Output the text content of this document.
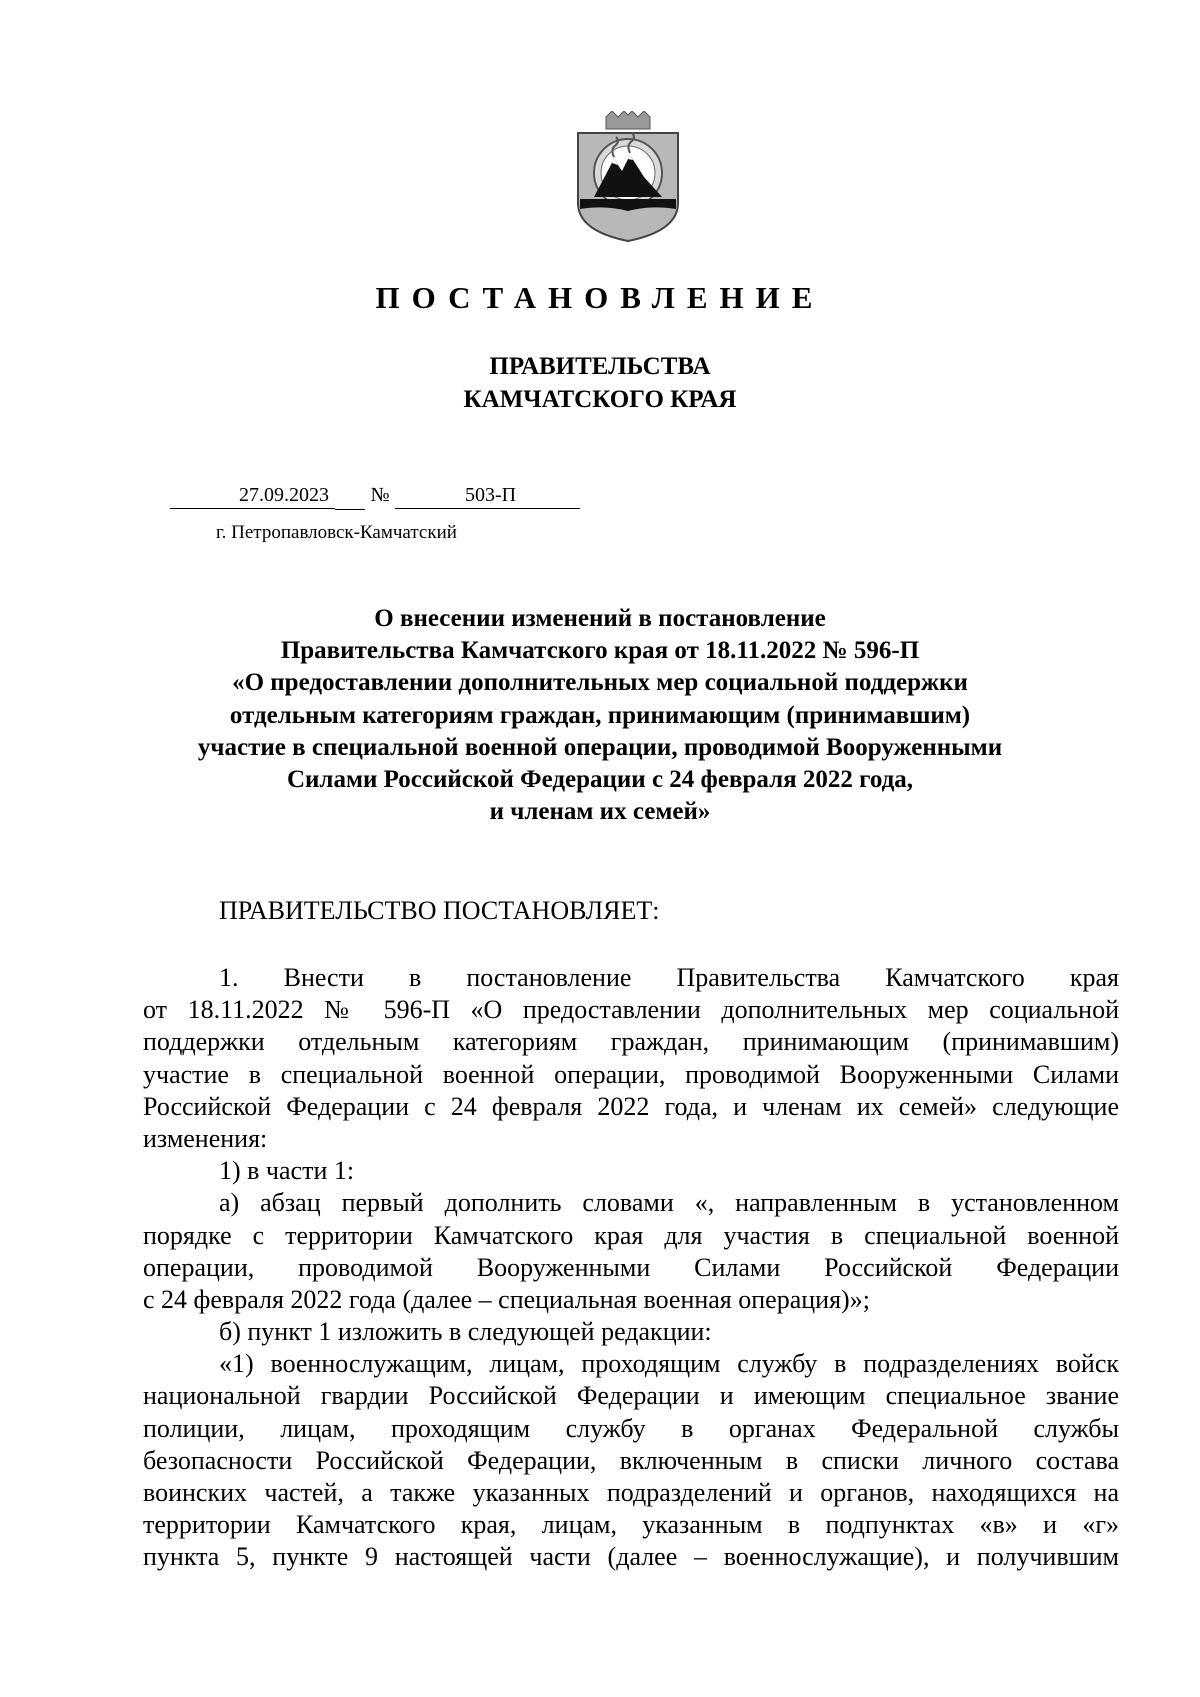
ПОСТАНОВЛЕНИЕ
ПРАВИТЕЛЬСТВА
КАМЧАТСКОГО КРАЯ
27.09.2023	№	503-П
г. Петропавловск-Камчатский
О внесении изменений в постановление
Правительства Камчатского края от 18.11.2022 № 596-П
«О предоставлении дополнительных мер социальной поддержки
отдельным категориям граждан, принимающим (принимавшим)
участие в специальной военной операции, проводимой Вооруженными
Силами Российской Федерации с 24 февраля 2022 года,
и членам их семей»
ПРАВИТЕЛЬСТВО ПОСТАНОВЛЯЕТ:
1. Внести в постановление Правительства Камчатского края
от 18.11.2022 № 596-П «О предоставлении дополнительных мер социальной
поддержки отдельным категориям граждан, принимающим (принимавшим)
участие в специальной военной операции, проводимой Вооруженными Силами
Российской Федерации с 24 февраля 2022 года, и членам их семей» следующие
изменения:
1) в части 1:
а) абзац первый дополнить словами «, направленным в установленном
порядке с территории Камчатского края для участия в специальной военной
операции, проводимой Вооруженными Силами Российской Федерации
с 24 февраля 2022 года (далее – специальная военная операция)»;
б) пункт 1 изложить в следующей редакции:
«1) военнослужащим, лицам, проходящим службу в подразделениях войск
национальной гвардии Российской Федерации и имеющим специальное звание
полиции, лицам, проходящим службу в органах Федеральной службы
безопасности Российской Федерации, включенным в списки личного состава
воинских частей, а также указанных подразделений и органов, находящихся на
территории Камчатского края, лицам, указанным в подпунктах «в» и «г»
пункта 5, пункте 9 настоящей части (далее – военнослужащие), и получившим
